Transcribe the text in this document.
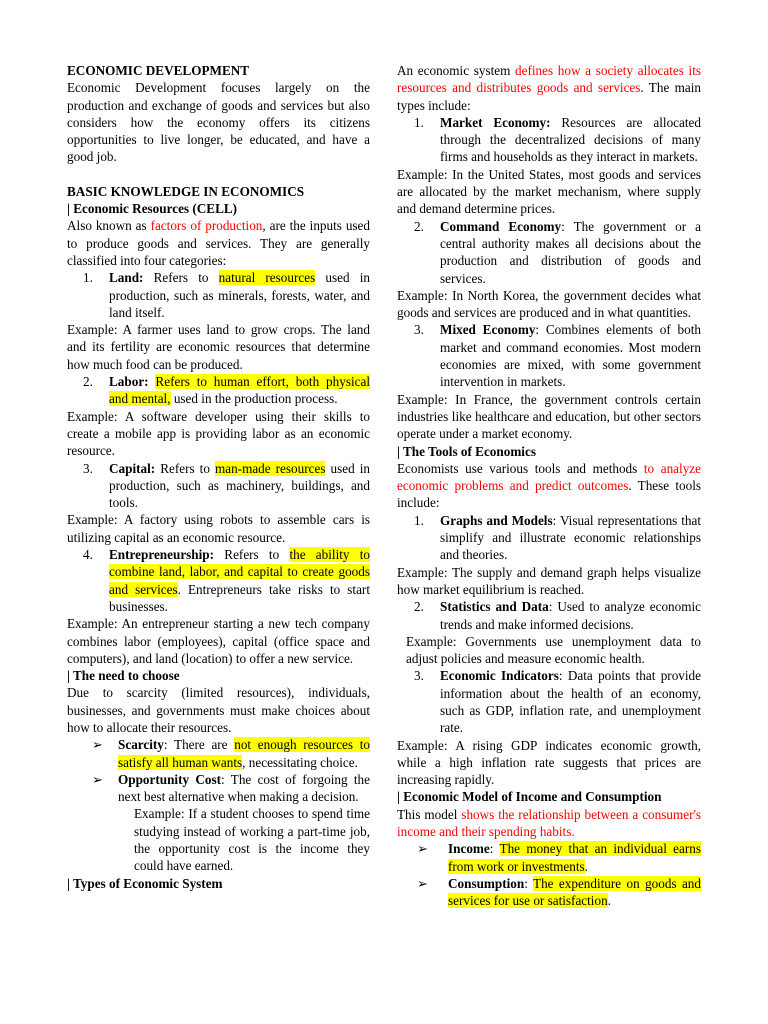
ECONOMIC DEVELOPMENT

Economic Development focuses largely on the production and exchange of goods and services but also considers how the economy offers its citizens opportunities to live longer, be educated, and have a good job.

BASIC KNOWLEDGE IN ECONOMICS

| Economic Resources (CELL)

Also known as factors of production, are the inputs used to produce goods and services. They are generally classified into four categories:

1. Land: Refers to natural resources used in production, such as minerals, forests, water, and land itself.

Example: A farmer uses land to grow crops. The land and its fertility are economic resources that determine how much food can be produced.

2. Labor: Refers to human effort, both physical and mental, used in the production process.

Example: A software developer using their skills to create a mobile app is providing labor as an economic resource.

3. Capital: Refers to man-made resources used in production, such as machinery, buildings, and tools.

Example: A factory using robots to assemble cars is utilizing capital as an economic resource.

4. Entrepreneurship: Refers to the ability to combine land, labor, and capital to create goods and services. Entrepreneurs take risks to start businesses.

Example: An entrepreneur starting a new tech company combines labor (employees), capital (office space and computers), and land (location) to offer a new service.

| The need to choose

Due to scarcity (limited resources), individuals, businesses, and governments must make choices about how to allocate their resources.

➢ Scarcity: There are not enough resources to satisfy all human wants, necessitating choice.
➢ Opportunity Cost: The cost of forgoing the next best alternative when making a decision.

Example: If a student chooses to spend time studying instead of working a part-time job, the opportunity cost is the income they could have earned.

| Types of Economic System

An economic system defines how a society allocates its resources and distributes goods and services. The main types include:

1. Market Economy: Resources are allocated through the decentralized decisions of many firms and households as they interact in markets.

Example: In the United States, most goods and services are allocated by the market mechanism, where supply and demand determine prices.

2. Command Economy: The government or a central authority makes all decisions about the production and distribution of goods and services.

Example: In North Korea, the government decides what goods and services are produced and in what quantities.

3. Mixed Economy: Combines elements of both market and command economies. Most modern economies are mixed, with some government intervention in markets.

Example: In France, the government controls certain industries like healthcare and education, but other sectors operate under a market economy.

| The Tools of Economics

Economists use various tools and methods to analyze economic problems and predict outcomes. These tools include:

1. Graphs and Models: Visual representations that simplify and illustrate economic relationships and theories.

Example: The supply and demand graph helps visualize how market equilibrium is reached.

2. Statistics and Data: Used to analyze economic trends and make informed decisions.

Example: Governments use unemployment data to adjust policies and measure economic health.

3. Economic Indicators: Data points that provide information about the health of an economy, such as GDP, inflation rate, and unemployment rate.

Example: A rising GDP indicates economic growth, while a high inflation rate suggests that prices are increasing rapidly.

| Economic Model of Income and Consumption

This model shows the relationship between a consumer's income and their spending habits.

➢ Income: The money that an individual earns from work or investments.
➢ Consumption: The expenditure on goods and services for use or satisfaction.
